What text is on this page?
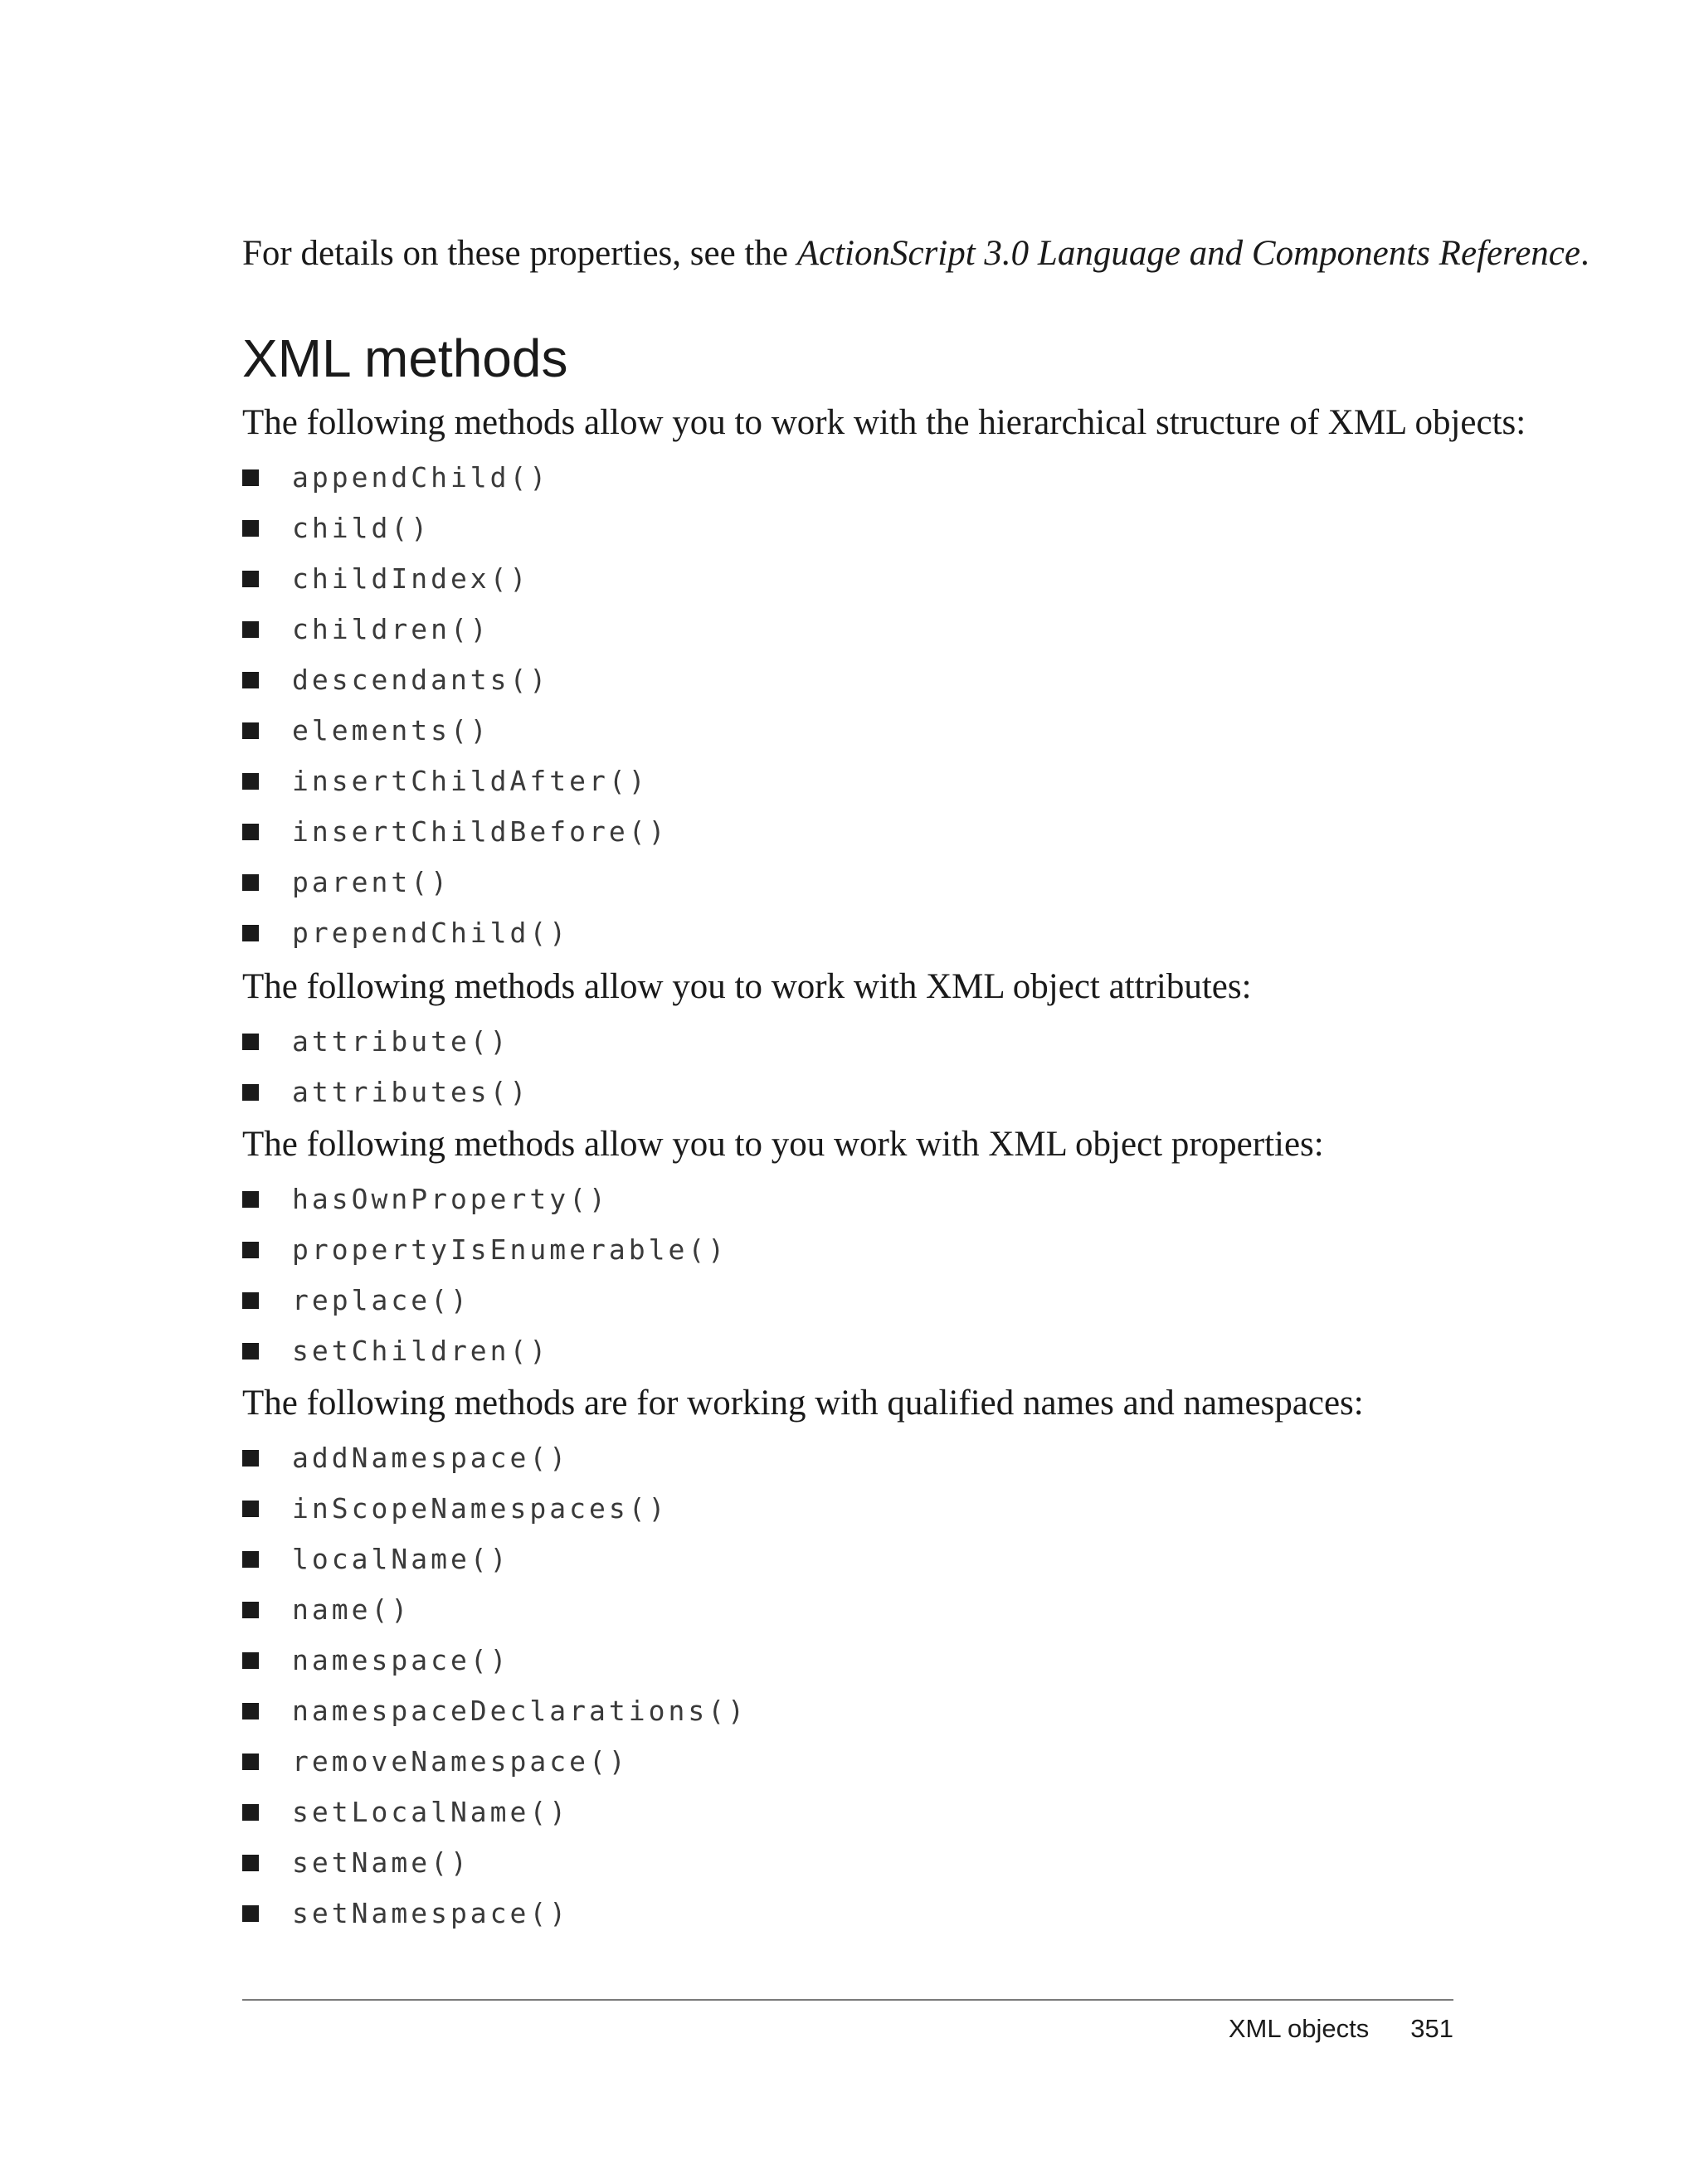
For details on these properties, see the ActionScript 3.0 Language and Components Reference.

XML methods

The following methods allow you to work with the hierarchical structure of XML objects:

appendChild()
child()
childIndex()
children()
descendants()
elements()
insertChildAfter()
insertChildBefore()
parent()
prependChild()

The following methods allow you to work with XML object attributes:

attribute()
attributes()

The following methods allow you to you work with XML object properties:

hasOwnProperty()
propertyIsEnumerable()
replace()
setChildren()

The following methods are for working with qualified names and namespaces:

addNamespace()
inScopeNamespaces()
localName()
name()
namespace()
namespaceDeclarations()
removeNamespace()
setLocalName()
setName()
setNamespace()
XML objects 351
